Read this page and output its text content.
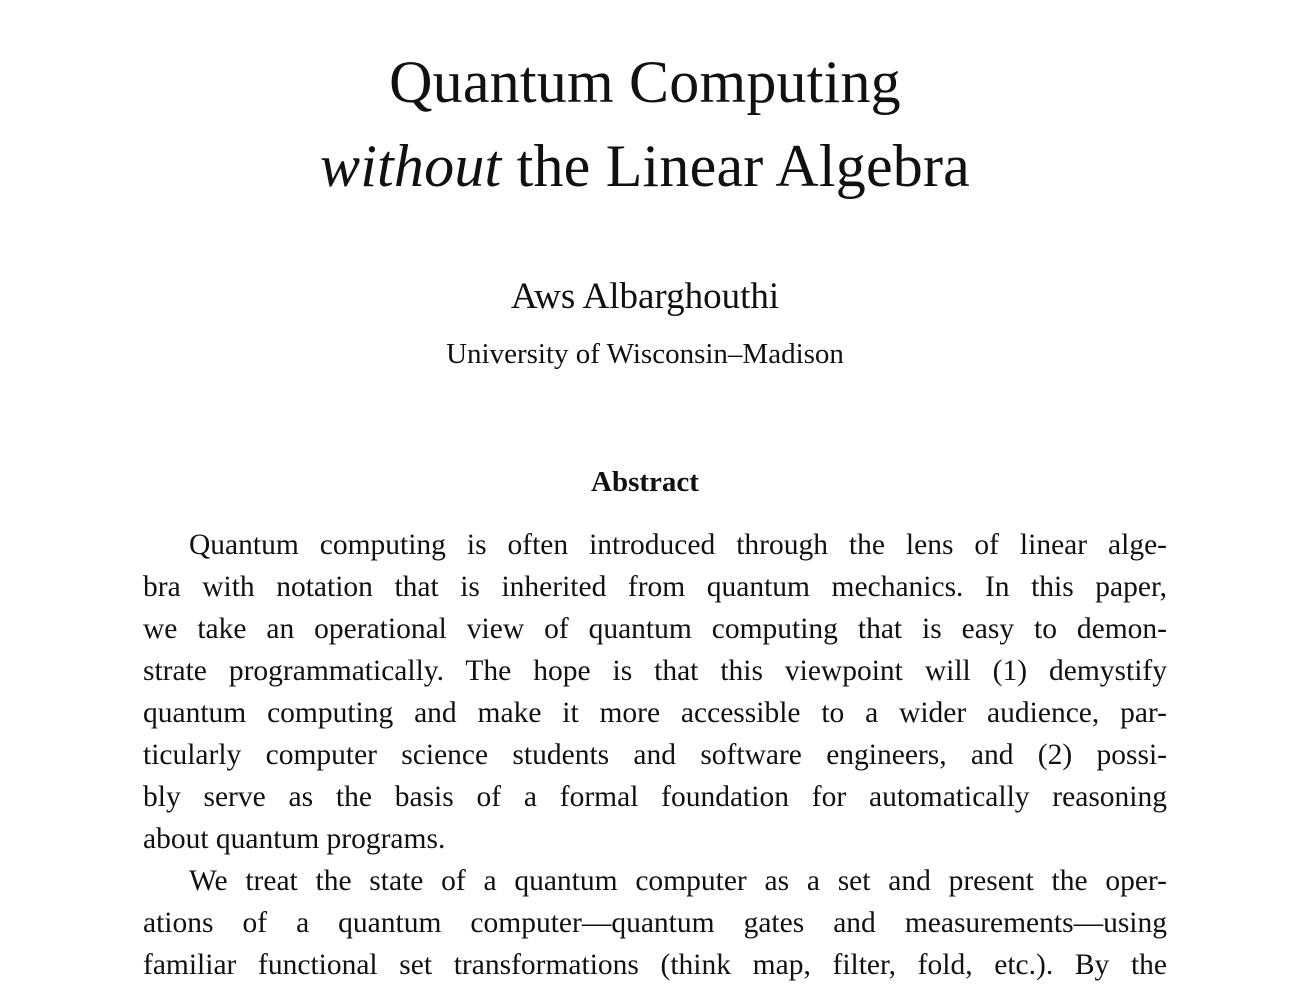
Quantum Computing
without the Linear Algebra
Aws Albarghouthi
University of Wisconsin–Madison
Abstract
Quantum computing is often introduced through the lens of linear alge-
bra with notation that is inherited from quantum mechanics. In this paper,
we take an operational view of quantum computing that is easy to demon-
strate programmatically. The hope is that this viewpoint will (1) demystify
quantum computing and make it more accessible to a wider audience, par-
ticularly computer science students and software engineers, and (2) possi-
bly serve as the basis of a formal foundation for automatically reasoning
about quantum programs.
We treat the state of a quantum computer as a set and present the oper-
ations of a quantum computer—quantum gates and measurements—using
familiar functional set transformations (think map, filter, fold, etc.). By the
